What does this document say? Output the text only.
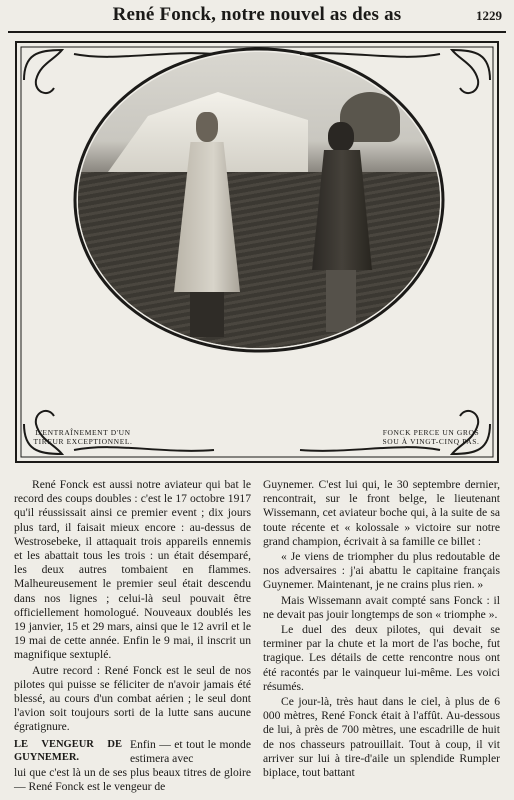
René Fonck, notre nouvel as des as	1229
L'ENTRAÎNEMENT D'UN TIREUR EXCEPTIONNEL.
FONCK PERCE UN GROS SOU À VINGT-CINQ PAS.

René Fonck est aussi notre aviateur qui bat le record des coups doubles : c'est le 17 octobre 1917 qu'il réussissait ainsi ce premier event ; dix jours plus tard, il faisait mieux encore : au-dessus de Westrosebeke, il attaquait trois appareils ennemis et les abattait tous les trois : un était désemparé, les deux autres tombaient en flammes. Malheureusement le premier seul était descendu dans nos lignes ; celui-là seul pouvait être officiellement homologué. Nouveaux doublés les 19 janvier, 15 et 29 mars, ainsi que le 12 avril et le 19 mai de cette année. Enfin le 9 mai, il inscrit un magnifique sextuplé.

Autre record : René Fonck est le seul de nos pilotes qui puisse se féliciter de n'avoir jamais été blessé, au cours d'un combat aérien ; le seul dont l'avion soit toujours sorti de la lutte sans aucune égratignure.

LE VENGEUR DE GUYNEMER.
Enfin — et tout le monde estimera avec

lui que c'est là un de ses plus beaux titres de gloire — René Fonck est le vengeur de

Guynemer. C'est lui qui, le 30 septembre dernier, rencontrait, sur le front belge, le lieutenant Wissemann, cet aviateur boche qui, à la suite de sa toute récente et « kolossale » victoire sur notre grand champion, écrivait à sa famille ce billet :

« Je viens de triompher du plus redoutable de nos adversaires : j'ai abattu le capitaine français Guynemer. Maintenant, je ne crains plus rien. »

Mais Wissemann avait compté sans Fonck : il ne devait pas jouir longtemps de son « triomphe ».

Le duel des deux pilotes, qui devait se terminer par la chute et la mort de l'as boche, fut tragique. Les détails de cette rencontre nous ont été racontés par le vainqueur lui-même. Les voici résumés.

Ce jour-là, très haut dans le ciel, à plus de 6 000 mètres, René Fonck était à l'affût. Au-dessous de lui, à près de 700 mètres, une escadrille de huit de nos chasseurs patrouillait. Tout à coup, il vit arriver sur lui à tire-d'aile un splendide Rumpler biplace, tout battant
